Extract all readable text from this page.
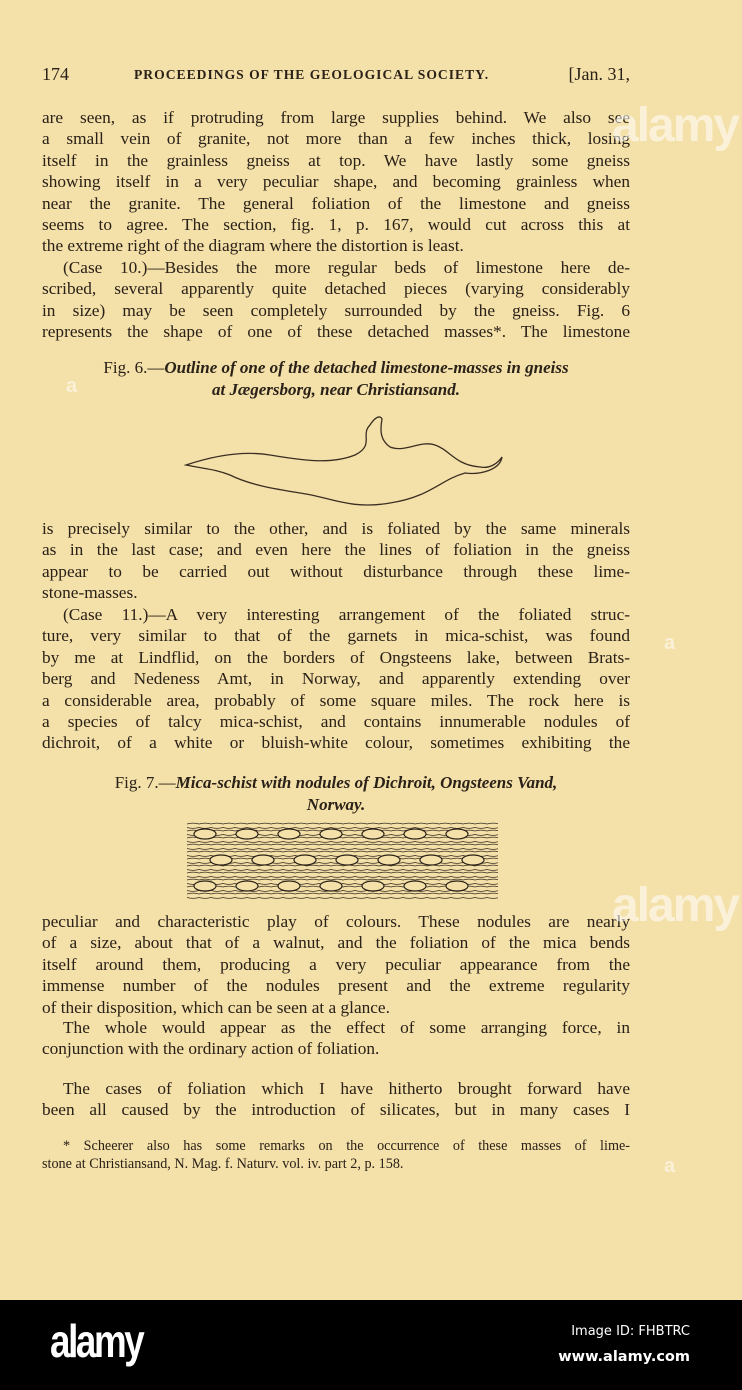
174	PROCEEDINGS OF THE GEOLOGICAL SOCIETY.	[Jan. 31,
are seen, as if protruding from large supplies behind. We also see
a small vein of granite, not more than a few inches thick, losing
itself in the grainless gneiss at top. We have lastly some gneiss
showing itself in a very peculiar shape, and becoming grainless when
near the granite. The general foliation of the limestone and gneiss
seems to agree. The section, fig. 1, p. 167, would cut across this at
the extreme right of the diagram where the distortion is least.
(Case 10.)—Besides the more regular beds of limestone here de-
scribed, several apparently quite detached pieces (varying considerably
in size) may be seen completely surrounded by the gneiss. Fig. 6
represents the shape of one of these detached masses*. The limestone
Fig. 6.—Outline of one of the detached limestone-masses in gneiss
at Jægersborg, near Christiansand.
is precisely similar to the other, and is foliated by the same minerals
as in the last case; and even here the lines of foliation in the gneiss
appear to be carried out without disturbance through these lime-
stone-masses.
(Case 11.)—A very interesting arrangement of the foliated struc-
ture, very similar to that of the garnets in mica-schist, was found
by me at Lindflid, on the borders of Ongsteens lake, between Brats-
berg and Nedeness Amt, in Norway, and apparently extending over
a considerable area, probably of some square miles. The rock here is
a species of talcy mica-schist, and contains innumerable nodules of
dichroit, of a white or bluish-white colour, sometimes exhibiting the
Fig. 7.—Mica-schist with nodules of Dichroit, Ongsteens Vand,
Norway.
peculiar and characteristic play of colours. These nodules are nearly
of a size, about that of a walnut, and the foliation of the mica bends
itself around them, producing a very peculiar appearance from the
immense number of the nodules present and the extreme regularity
of their disposition, which can be seen at a glance.
The whole would appear as the effect of some arranging force, in
conjunction with the ordinary action of foliation.
The cases of foliation which I have hitherto brought forward have
been all caused by the introduction of silicates, but in many cases I
* Scheerer also has some remarks on the occurrence of these masses of lime-
stone at Christiansand, N. Mag. f. Naturv. vol. iv. part 2, p. 158.
alamy
alamy
a
a
a
alamy	Image ID: FHBTRC
www.alamy.com
